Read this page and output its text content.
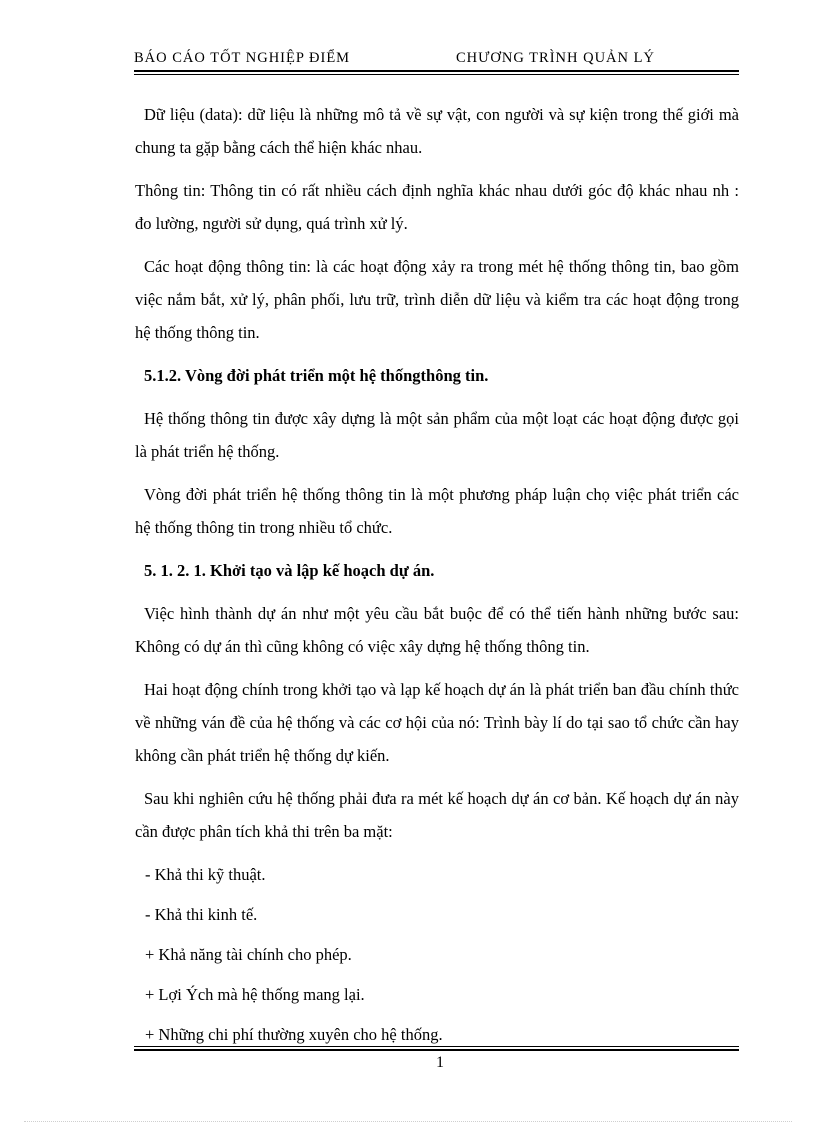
BÁO CÁO TỐT NGHIỆP ĐIỂM	CHƯƠNG TRÌNH QUẢN LÝ

Dữ liệu (data): dữ liệu là những mô tả về sự vật, con người và sự kiện trong thế giới mà chung ta gặp bằng cách thể hiện khác nhau.

Thông tin: Thông tin có rất nhiều cách định nghĩa khác nhau dưới góc độ khác nhau nh : đo lường, người sử dụng, quá trình xử lý.

Các hoạt động thông tin: là các hoạt động xảy ra trong mét hệ thống thông tin, bao gồm việc nắm bắt, xử lý, phân phối, lưu trữ, trình diễn dữ liệu và kiểm tra các hoạt động trong hệ thống thông tin.

5.1.2. Vòng đời phát triển một hệ thốngthông tin.

Hệ thống thông tin được xây dựng là một sản phẩm của một loạt các hoạt động được gọi là phát triển hệ thống.

Vòng đời phát triển hệ thống thông tin là một phương pháp luận chọ việc phát triển các hệ thống thông tin trong nhiều tổ chức.

5. 1. 2. 1. Khởi tạo và lập kế hoạch dự án.

Việc hình thành dự án như một yêu cầu bắt buộc để có thể tiến hành những bước sau: Không có dự án thì cũng không có việc xây dựng hệ thống thông tin.

Hai hoạt động chính trong khởi tạo và lạp kế hoạch dự án là phát triển ban đầu chính thức về những ván đề của hệ thống và các cơ hội của nó: Trình bày lí do tại sao tổ chức cần hay không cần phát triển hệ thống dự kiến.

Sau khi nghiên cứu hệ thống phải đưa ra mét kế hoạch dự án cơ bản. Kế hoạch dự án này cần được phân tích khả thi trên ba mặt:

- Khả thi kỹ thuật.

- Khả thi kinh tế.

+ Khả năng tài chính cho phép.

+ Lợi Ých mà hệ thống mang lại.

+ Những chi phí thường xuyên cho hệ thống.

1
